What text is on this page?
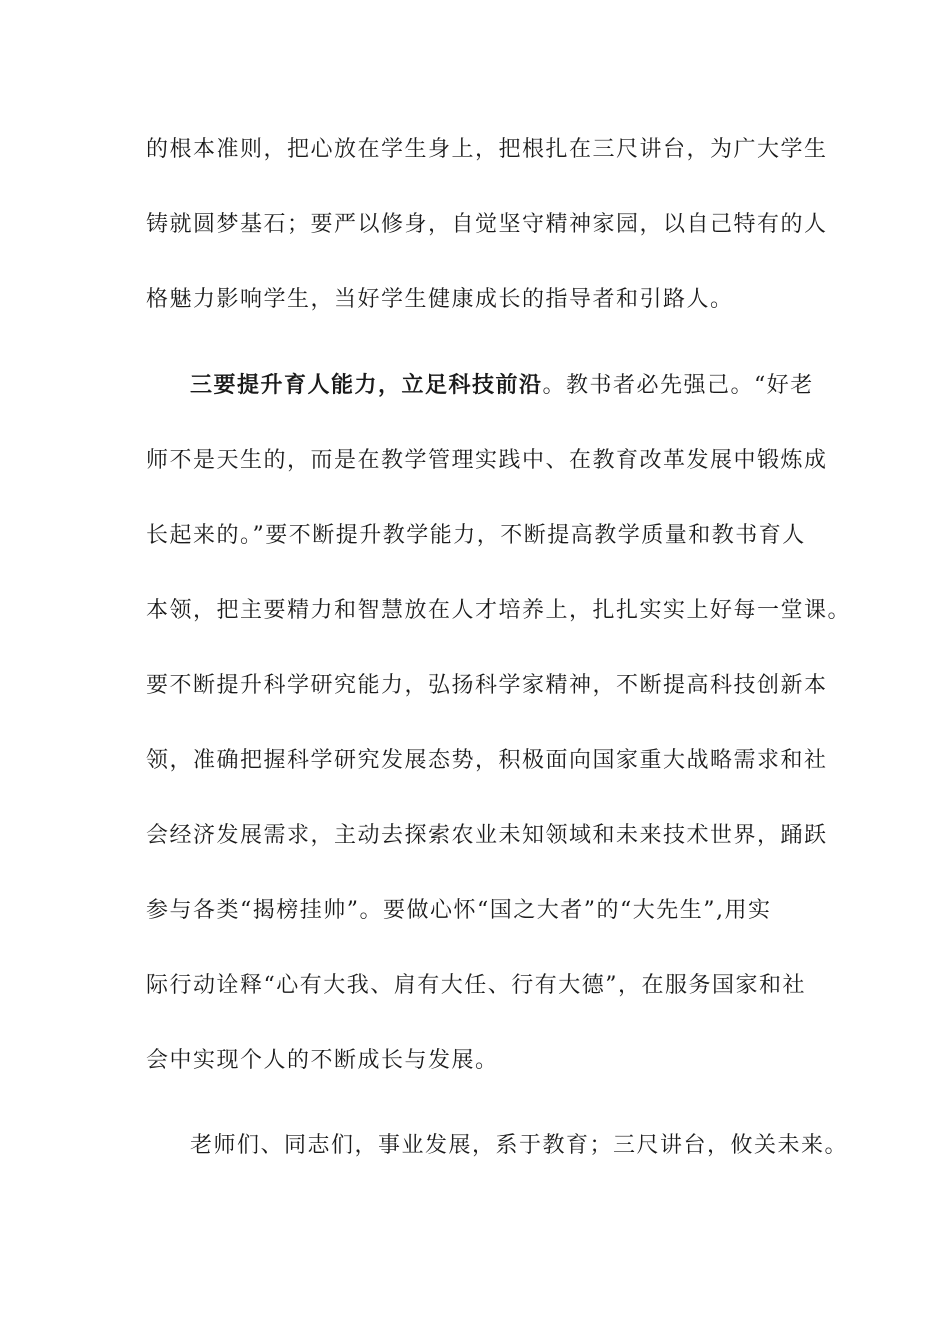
的根本准则，把心放在学生身上，把根扎在三尺讲台，为广大学生
铸就圆梦基石；要严以修身，自觉坚守精神家园，以自己特有的人
格魅力影响学生，当好学生健康成长的指导者和引路人。
三要提升育人能力，立足科技前沿。教书者必先强己。“好老
师不是天生的，而是在教学管理实践中、在教育改革发展中锻炼成
长起来的。”要不断提升教学能力，不断提高教学质量和教书育人
本领，把主要精力和智慧放在人才培养上，扎扎实实上好每一堂课。
要不断提升科学研究能力，弘扬科学家精神，不断提高科技创新本
领，准确把握科学研究发展态势，积极面向国家重大战略需求和社
会经济发展需求，主动去探索农业未知领域和未来技术世界，踊跃
参与各类“揭榜挂帅”。要做心怀“国之大者”的“大先生”,用实
际行动诠释“心有大我、肩有大任、行有大德”，在服务国家和社
会中实现个人的不断成长与发展。
老师们、同志们，事业发展，系于教育；三尺讲台，攸关未来。
